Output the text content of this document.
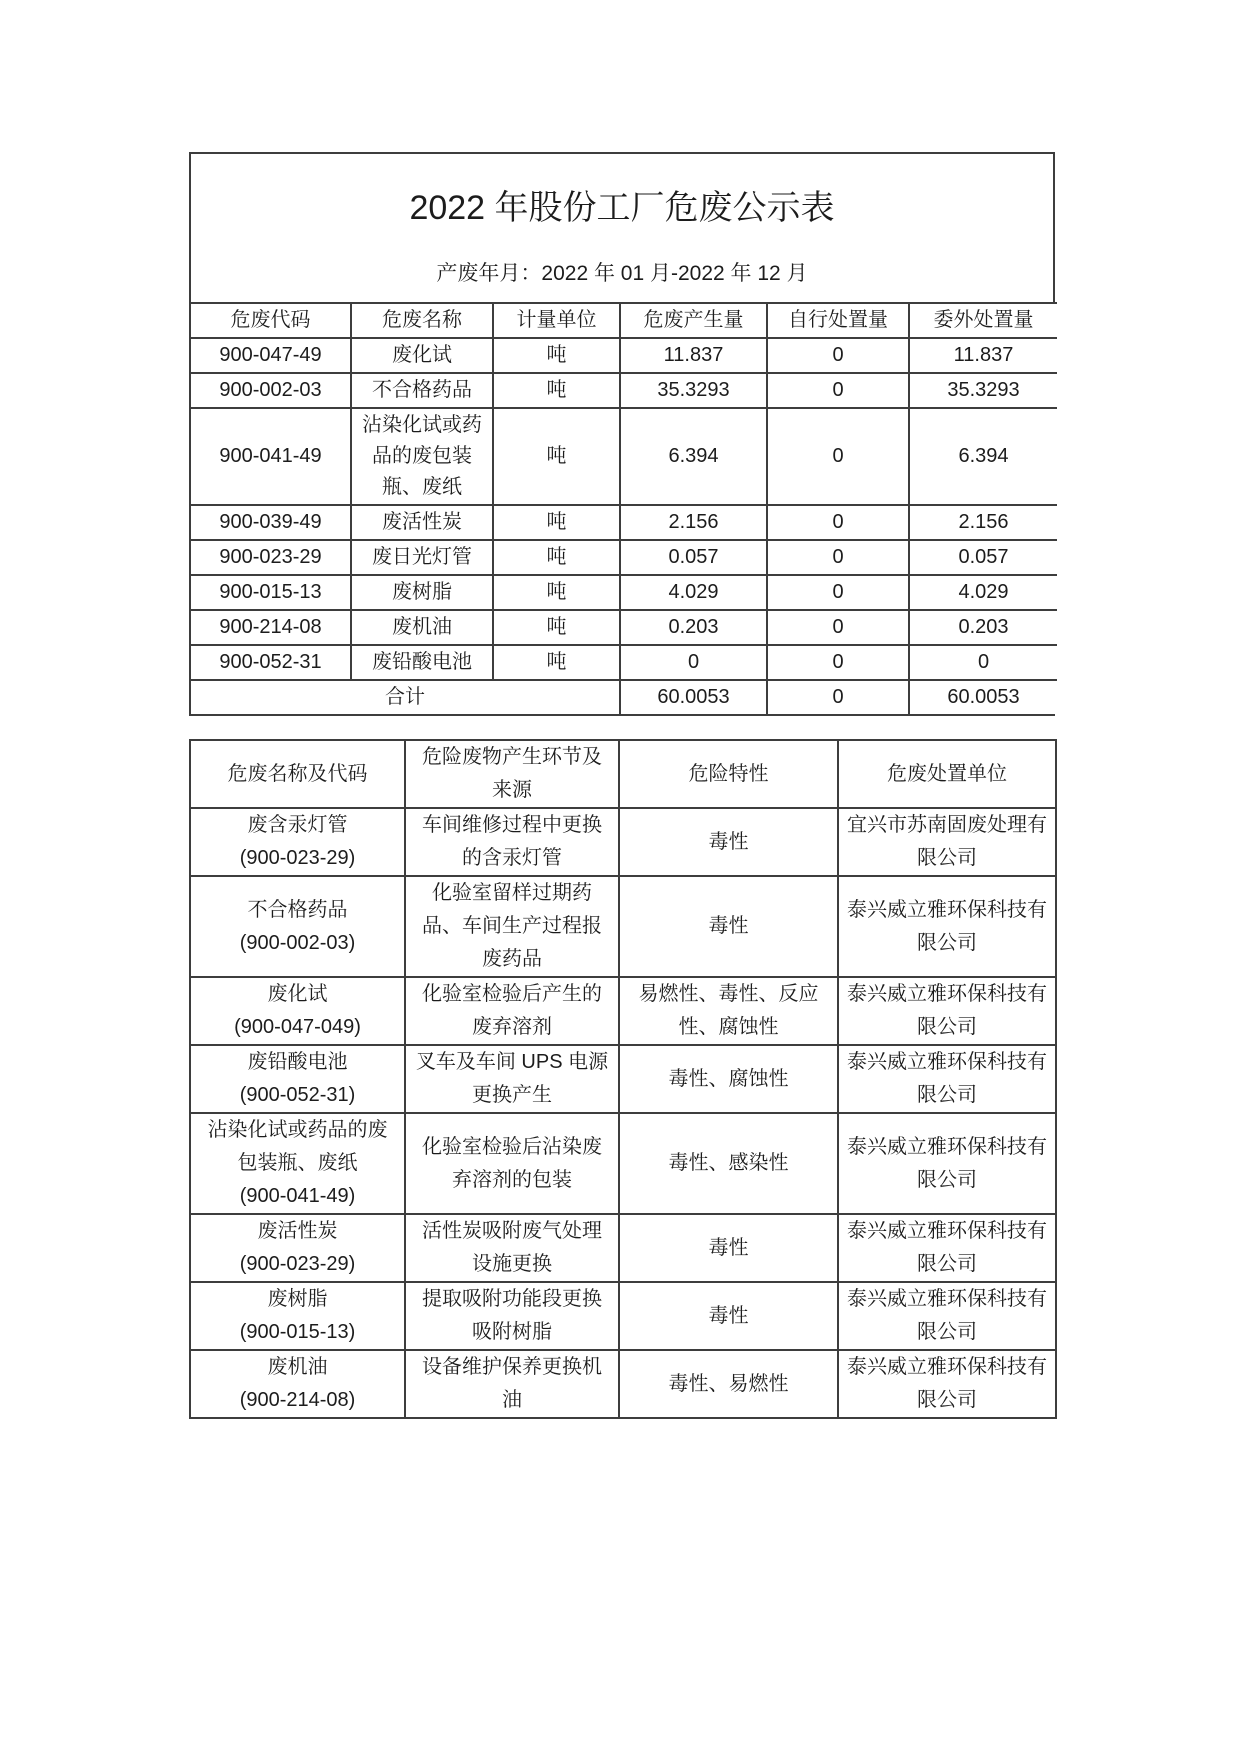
2022 年股份工厂危废公示表
产废年月：2022 年 01 月-2022 年 12 月
危废代码	危废名称	计量单位	危废产生量	自行处置量	委外处置量
900-047-49	废化试	吨	11.837	0	11.837
900-002-03	不合格药品	吨	35.3293	0	35.3293
900-041-49	沾染化试或药品的废包装瓶、废纸	吨	6.394	0	6.394
900-039-49	废活性炭	吨	2.156	0	2.156
900-023-29	废日光灯管	吨	0.057	0	0.057
900-015-13	废树脂	吨	4.029	0	4.029
900-214-08	废机油	吨	0.203	0	0.203
900-052-31	废铅酸电池	吨	0	0	0
合计			60.0053	0	60.0053
危废名称及代码	危险废物产生环节及来源	危险特性	危废处置单位

废含汞灯管
(900-023-29)	车间维修过程中更换的含汞灯管	毒性	宜兴市苏南固废处理有限公司

不合格药品
(900-002-03)	化验室留样过期药品、车间生产过程报废药品	毒性	泰兴威立雅环保科技有限公司

废化试
(900-047-049)	化验室检验后产生的废弃溶剂	易燃性、毒性、反应性、腐蚀性	泰兴威立雅环保科技有限公司

废铅酸电池
(900-052-31)	叉车及车间 UPS 电源更换产生	毒性、腐蚀性	泰兴威立雅环保科技有限公司

沾染化试或药品的废包装瓶、废纸
(900-041-49)	化验室检验后沾染废弃溶剂的包装	毒性、感染性	泰兴威立雅环保科技有限公司

废活性炭
(900-023-29)	活性炭吸附废气处理设施更换	毒性	泰兴威立雅环保科技有限公司

废树脂
(900-015-13)	提取吸附功能段更换吸附树脂	毒性	泰兴威立雅环保科技有限公司

废机油
(900-214-08)	设备维护保养更换机油	毒性、易燃性	泰兴威立雅环保科技有限公司
